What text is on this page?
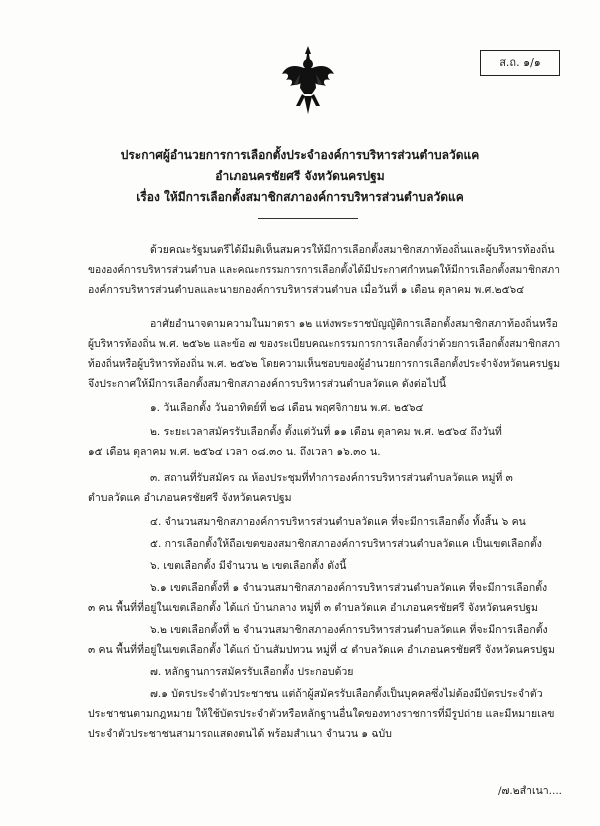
ส.ถ. ๑/๑
ประกาศผู้อำนวยการการเลือกตั้งประจำองค์การบริหารส่วนตำบลวัดแค
อำเภอนครชัยศรี จังหวัดนครปฐม
เรื่อง ให้มีการเลือกตั้งสมาชิกสภาองค์การบริหารส่วนตำบลวัดแค
ด้วยคณะรัฐมนตรีได้มีมติเห็นสมควรให้มีการเลือกตั้งสมาชิกสภาท้องถิ่นและผู้บริหารท้องถิ่น
ขององค์การบริหารส่วนตำบล และคณะกรรมการการเลือกตั้งได้มีประกาศกำหนดให้มีการเลือกตั้งสมาชิกสภา
องค์การบริหารส่วนตำบลและนายกองค์การบริหารส่วนตำบล เมื่อวันที่ ๑ เดือน ตุลาคม พ.ศ.๒๕๖๔
อาศัยอำนาจตามความในมาตรา ๑๒ แห่งพระราชบัญญัติการเลือกตั้งสมาชิกสภาท้องถิ่นหรือ
ผู้บริหารท้องถิ่น พ.ศ. ๒๕๖๒ และข้อ ๗ ของระเบียบคณะกรรมการการเลือกตั้งว่าด้วยการเลือกตั้งสมาชิกสภา
ท้องถิ่นหรือผู้บริหารท้องถิ่น พ.ศ. ๒๕๖๒ โดยความเห็นชอบของผู้อำนวยการการเลือกตั้งประจำจังหวัดนครปฐม
จึงประกาศให้มีการเลือกตั้งสมาชิกสภาองค์การบริหารส่วนตำบลวัดแค ดังต่อไปนี้
๑. วันเลือกตั้ง วันอาทิตย์ที่ ๒๘ เดือน พฤศจิกายน พ.ศ. ๒๕๖๔
๒. ระยะเวลาสมัครรับเลือกตั้ง ตั้งแต่วันที่ ๑๑ เดือน ตุลาคม พ.ศ. ๒๕๖๔ ถึงวันที่
๑๕ เดือน ตุลาคม พ.ศ. ๒๕๖๔ เวลา ๐๘.๓๐ น. ถึงเวลา ๑๖.๓๐ น.
๓. สถานที่รับสมัคร ณ ห้องประชุมที่ทำการองค์การบริหารส่วนตำบลวัดแค หมู่ที่ ๓
ตำบลวัดแค อำเภอนครชัยศรี จังหวัดนครปฐม
๔. จำนวนสมาชิกสภาองค์การบริหารส่วนตำบลวัดแค ที่จะมีการเลือกตั้ง ทั้งสิ้น ๖ คน
๕. การเลือกตั้งให้ถือเขตของสมาชิกสภาองค์การบริหารส่วนตำบลวัดแค เป็นเขตเลือกตั้ง
๖. เขตเลือกตั้ง มีจำนวน ๒ เขตเลือกตั้ง ดังนี้
๖.๑ เขตเลือกตั้งที่ ๑ จำนวนสมาชิกสภาองค์การบริหารส่วนตำบลวัดแค ที่จะมีการเลือกตั้ง
๓ คน พื้นที่ที่อยู่ในเขตเลือกตั้ง ได้แก่ บ้านกลาง หมู่ที่ ๓ ตำบลวัดแค อำเภอนครชัยศรี จังหวัดนครปฐม
๖.๒ เขตเลือกตั้งที่ ๒ จำนวนสมาชิกสภาองค์การบริหารส่วนตำบลวัดแค ที่จะมีการเลือกตั้ง
๓ คน พื้นที่ที่อยู่ในเขตเลือกตั้ง ได้แก่ บ้านสัมปทวน หมู่ที่ ๔ ตำบลวัดแค อำเภอนครชัยศรี จังหวัดนครปฐม
๗. หลักฐานการสมัครรับเลือกตั้ง ประกอบด้วย
๗.๑ บัตรประจำตัวประชาชน แต่ถ้าผู้สมัครรับเลือกตั้งเป็นบุคคลซึ่งไม่ต้องมีบัตรประจำตัว
ประชาชนตามกฎหมาย ให้ใช้บัตรประจำตัวหรือหลักฐานอื่นใดของทางราชการที่มีรูปถ่าย และมีหมายเลข
ประจำตัวประชาชนสามารถแสดงตนได้ พร้อมสำเนา จำนวน ๑ ฉบับ
/๗.๒สำเนา....
